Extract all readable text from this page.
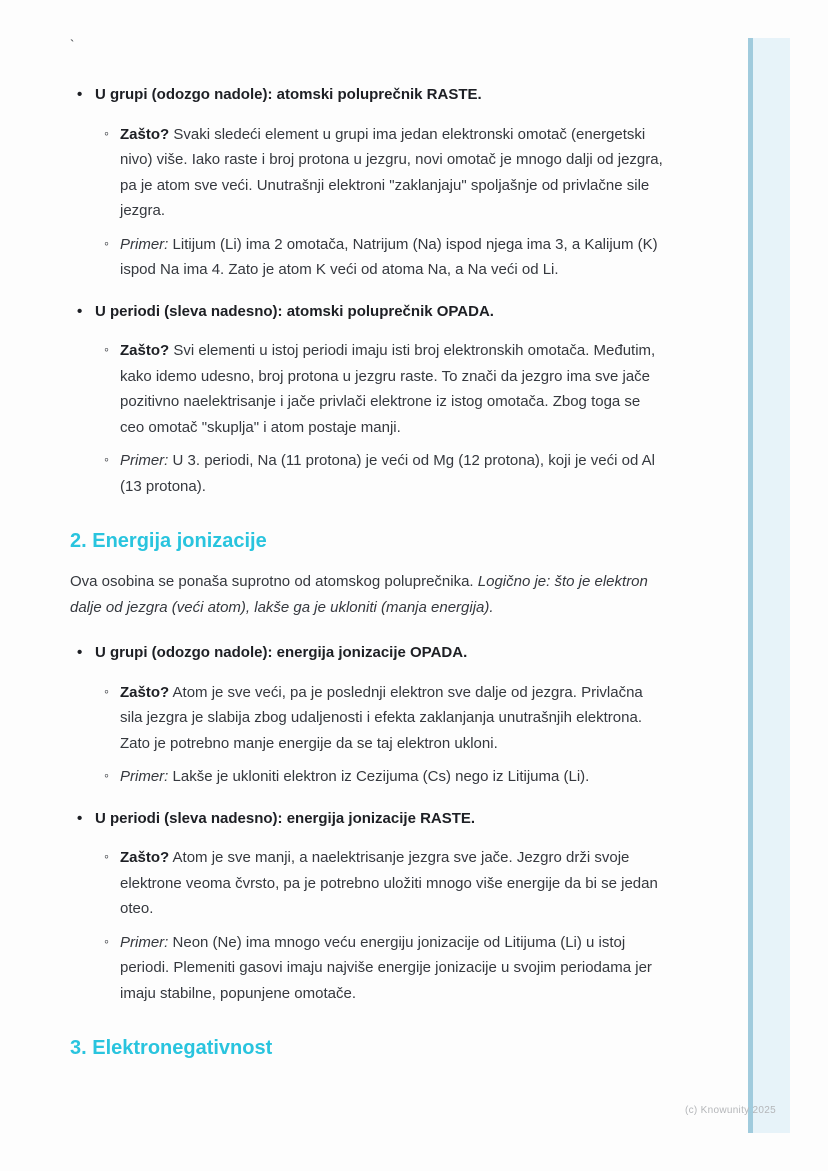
`

• U grupi (odozgo nadole): atomski poluprečnik RASTE.

◦ Zašto? Svaki sledeći element u grupi ima jedan elektronski omotač (energetski nivo) više. Iako raste i broj protona u jezgru, novi omotač je mnogo dalji od jezgra, pa je atom sve veći. Unutrašnji elektroni "zaklanjaju" spoljašnje od privlačne sile jezgra.

◦ Primer: Litijum (Li) ima 2 omotača, Natrijum (Na) ispod njega ima 3, a Kalijum (K) ispod Na ima 4. Zato je atom K veći od atoma Na, a Na veći od Li.

• U periodi (sleva nadesno): atomski poluprečnik OPADA.

◦ Zašto? Svi elementi u istoj periodi imaju isti broj elektronskih omotača. Međutim, kako idemo udesno, broj protona u jezgru raste. To znači da jezgro ima sve jače pozitivno naelektrisanje i jače privlači elektrone iz istog omotača. Zbog toga se ceo omotač "skuplja" i atom postaje manji.

◦ Primer: U 3. periodi, Na (11 protona) je veći od Mg (12 protona), koji je veći od Al (13 protona).

2. Energija jonizacije

Ova osobina se ponaša suprotno od atomskog poluprečnika. Logično je: što je elektron dalje od jezgra (veći atom), lakše ga je ukloniti (manja energija).

• U grupi (odozgo nadole): energija jonizacije OPADA.

◦ Zašto? Atom je sve veći, pa je poslednji elektron sve dalje od jezgra. Privlačna sila jezgra je slabija zbog udaljenosti i efekta zaklanjanja unutrašnjih elektrona. Zato je potrebno manje energije da se taj elektron ukloni.

◦ Primer: Lakše je ukloniti elektron iz Cezijuma (Cs) nego iz Litijuma (Li).

• U periodi (sleva nadesno): energija jonizacije RASTE.

◦ Zašto? Atom je sve manji, a naelektrisanje jezgra sve jače. Jezgro drži svoje elektrone veoma čvrsto, pa je potrebno uložiti mnogo više energije da bi se jedan oteo.

◦ Primer: Neon (Ne) ima mnogo veću energiju jonizacije od Litijuma (Li) u istoj periodi. Plemeniti gasovi imaju najviše energije jonizacije u svojim periodama jer imaju stabilne, popunjene omotače.

3. Elektronegativnost
(c) Knowunity 2025
